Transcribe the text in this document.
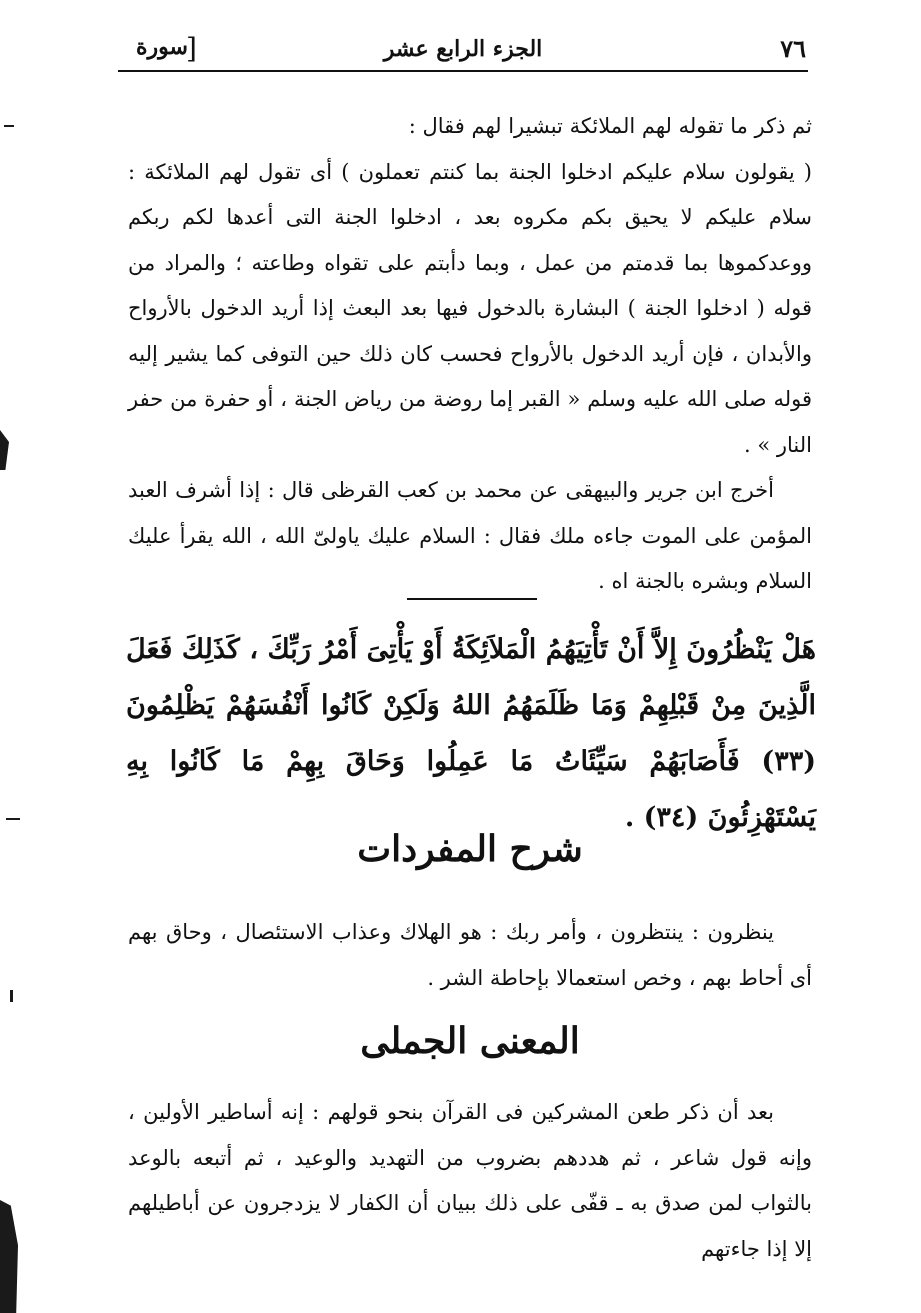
٧٦
الجزء الرابع عشر
[
سورة

ثم ذكر ما تقوله لهم الملائكة تبشيرا لهم فقال :

( يقولون سلام عليكم ادخلوا الجنة بما كنتم تعملون ) أى تقول لهم الملائكة : سلام عليكم لا يحيق بكم مكروه بعد ، ادخلوا الجنة التى أعدها لكم ربكم ووعدكموها بما قدمتم من عمل ، وبما دأبتم على تقواه وطاعته ؛ والمراد من قوله ( ادخلوا الجنة ) البشارة بالدخول فيها بعد البعث إذا أريد الدخول بالأرواح والأبدان ، فإن أريد الدخول بالأرواح فحسب كان ذلك حين التوفى كما يشير إليه قوله صلى الله عليه وسلم « القبر إما روضة من رياض الجنة ، أو حفرة من حفر النار » .

أخرج ابن جرير والبيهقى عن محمد بن كعب القرظى قال : إذا أشرف العبد المؤمن على الموت جاءه ملك فقال : السلام عليك ياولىّ الله ، الله يقرأ عليك السلام وبشره بالجنة اه .

هَلْ يَنْظُرُونَ إِلاَّ أَنْ تَأْتِيَهُمُ الْمَلاَئِكَةُ أَوْ يَأْتِىَ أَمْرُ رَبِّكَ ، كَذَلِكَ فَعَلَ الَّذِينَ مِنْ قَبْلِهِمْ وَمَا ظَلَمَهُمُ اللهُ وَلَكِنْ كَانُوا أَنْفُسَهُمْ يَظْلِمُونَ (٣٣) فَأَصَابَهُمْ سَيِّئَاتُ مَا عَمِلُوا وَحَاقَ بِهِمْ مَا كَانُوا بِهِ يَسْتَهْزِئُونَ (٣٤) .
شرح المفردات

ينظرون : ينتظرون ، وأمر ربك : هو الهلاك وعذاب الاستئصال ، وحاق بهم أى أحاط بهم ، وخص استعمالا بإحاطة الشر .

المعنى الجملى

بعد أن ذكر طعن المشركين فى القرآن بنحو قولهم : إنه أساطير الأولين ، وإنه قول شاعر ، ثم هددهم بضروب من التهديد والوعيد ، ثم أتبعه بالوعد بالثواب لمن صدق به ـ قفّى على ذلك ببيان أن الكفار لا يزدجرون عن أباطيلهم إلا إذا جاءتهم
